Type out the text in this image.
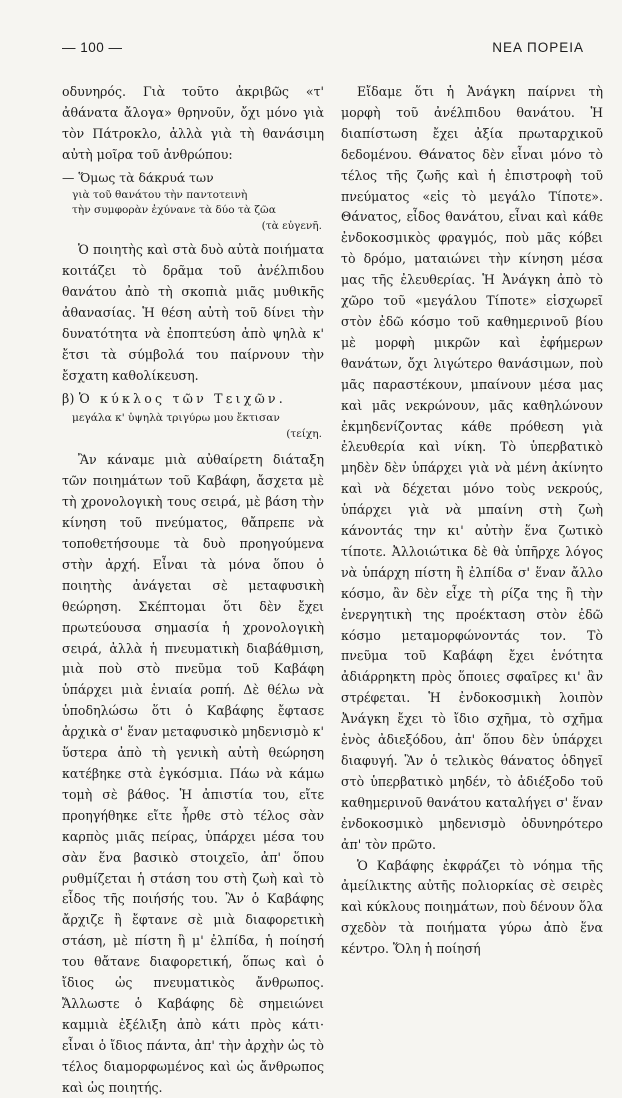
— 100 —	ΝΕΑ ΠΟΡΕΙΑ

οδυνηρός. Γιὰ τοῦτο ἀκριβῶς «τ' ἀθάνατα ἄλογα» θρηνοῦν, ὄχι μόνο γιὰ τὸν Πάτροκλο, ἀλλὰ γιὰ τὴ θανάσιμη αὐτὴ μοῖρα τοῦ ἀνθρώπου:

— Ὅμως τὰ δάκρυά των
γιὰ τοῦ θανάτου τὴν παντοτεινὴ
τὴν συμφορὰν ἐχύνανε τὰ δύο τὰ ζῶα
(τὰ εὐγενῆ.

Ὁ ποιητὴς καὶ στὰ δυὸ αὐτὰ ποιήματα κοιτάζει τὸ δρᾶμα τοῦ ἀνέλπιδου θανάτου ἀπὸ τὴ σκοπιὰ μιᾶς μυθικῆς ἀθανασίας. Ἡ θέση αὐτὴ τοῦ δίνει τὴν δυνατότητα νὰ ἐποπτεύση ἀπὸ ψηλὰ κ' ἔτσι τὰ σύμβολά του παίρνουν τὴν ἔσχατη καθολίκευση.

β) Ὁ κύκλος τῶν Τειχῶν.
μεγάλα κ' ὑψηλὰ τριγύρω μου ἔκτισαν
(τείχη.

Ἂν κάναμε μιὰ αὐθαίρετη διάταξη τῶν ποιημάτων τοῦ Καβάφη, ἄσχετα μὲ τὴ χρονολογικὴ τους σειρά, μὲ βάση τὴν κίνηση τοῦ πνεύματος, θἄπρεπε νὰ τοποθετήσουμε τὰ δυὸ προηγούμενα στὴν ἀρχή. Εἶναι τὰ μόνα ὅπου ὁ ποιητὴς ἀνάγεται σὲ μεταφυσικὴ θεώρηση. Σκέπτομαι ὅτι δὲν ἔχει πρωτεύουσα σημασία ἡ χρονολογικὴ σειρά, ἀλλὰ ἡ πνευματικὴ διαβάθμιση, μιὰ ποὺ στὸ πνεῦμα τοῦ Καβάφη ὑπάρχει μιὰ ἑνιαία ροπή. Δὲ θέλω νὰ ὑποδηλώσω ὅτι ὁ Καβάφης ἔφτασε ἀρχικὰ σ' ἕναν μεταφυσικὸ μηδενισμὸ κ' ὕστερα ἀπὸ τὴ γενικὴ αὐτὴ θεώρηση κατέβηκε στὰ ἐγκόσμια. Πάω νὰ κάμω τομὴ σὲ βάθος. Ἡ ἀπιστία του, εἴτε προηγήθηκε εἴτε ἦρθε στὸ τέλος σὰν καρπὸς μιᾶς πείρας, ὑπάρχει μέσα του σὰν ἕνα βασικὸ στοιχεῖο, ἀπ' ὅπου ρυθμίζεται ἡ στάση του στὴ ζωὴ καὶ τὸ εἶδος τῆς ποιήσής του. Ἂν ὁ Καβάφης ἄρχιζε ἢ ἔφτανε σὲ μιὰ διαφορετικὴ στάση, μὲ πίστη ἢ μ' ἐλπίδα, ἡ ποίησή του θἄτανε διαφορετική, ὅπως καὶ ὁ ἴδιος ὡς πνευματικὸς ἄνθρωπος. Ἄλλωστε ὁ Καβάφης δὲ σημειώνει καμμιὰ ἐξέλιξη ἀπὸ κάτι πρὸς κάτι· εἶναι ὁ ἴδιος πάντα, ἀπ' τὴν ἀρχὴν ὡς τὸ τέλος διαμορφωμένος καὶ ὡς ἄνθρωπος καὶ ὡς ποιητής.

Εἴδαμε ὅτι ἡ Ἀνάγκη παίρνει τὴ μορφὴ τοῦ ἀνέλπιδου θανάτου. Ἡ διαπίστωση ἔχει ἀξία πρωταρχικοῦ δεδομένου. Θάνατος δὲν εἶναι μόνο τὸ τέλος τῆς ζωῆς καὶ ἡ ἐπιστροφὴ τοῦ πνεύματος «εἰς τὸ μεγάλο Τίποτε». Θάνατος, εἶδος θανάτου, εἶναι καὶ κάθε ἐνδοκοσμικὸς φραγμός, ποὺ μᾶς κόβει τὸ δρόμο, ματαιώνει τὴν κίνηση μέσα μας τῆς ἐλευθερίας. Ἡ Ἀνάγκη ἀπὸ τὸ χῶρο τοῦ «μεγάλου Τίποτε» εἰσχωρεῖ στὸν ἐδῶ κόσμο τοῦ καθημερινοῦ βίου μὲ μορφὴ μικρῶν καὶ ἐφήμερων θανάτων, ὄχι λιγώτερο θανάσιμων, ποὺ μᾶς παραστέκουν, μπαίνουν μέσα μας καὶ μᾶς νεκρώνουν, μᾶς καθηλώνουν ἐκμηδενίζοντας κάθε πρόθεση γιὰ ἐλευθερία καὶ νίκη. Τὸ ὑπερβατικὸ μηδὲν δὲν ὑπάρχει γιὰ νὰ μένη ἀκίνητο καὶ νὰ δέχεται μόνο τοὺς νεκρούς, ὑπάρχει γιὰ νὰ μπαίνη στὴ ζωὴ κάνοντάς την κι' αὐτὴν ἕνα ζωτικὸ τίποτε. Ἀλλοιώτικα δὲ θὰ ὑπῆρχε λόγος νὰ ὑπάρχη πίστη ἢ ἐλπίδα σ' ἕναν ἄλλο κόσμο, ἂν δὲν εἶχε τὴ ρίζα της ἢ τὴν ἐνεργητικὴ της προέκταση στὸν ἐδῶ κόσμο μεταμορφώνοντάς τον. Τὸ πνεῦμα τοῦ Καβάφη ἔχει ἑνότητα ἀδιάρρηκτη πρὸς ὅποιες σφαῖρες κι' ἂν στρέφεται. Ἡ ἐνδοκοσμικὴ λοιπὸν Ἀνάγκη ἔχει τὸ ἴδιο σχῆμα, τὸ σχῆμα ἑνὸς ἀδιεξόδου, ἀπ' ὅπου δὲν ὑπάρχει διαφυγή. Ἂν ὁ τελικὸς θάνατος ὁδηγεῖ στὸ ὑπερβατικὸ μηδέν, τὸ ἀδιέξοδο τοῦ καθημερινοῦ θανάτου καταλήγει σ' ἕναν ἐνδοκοσμικὸ μηδενισμὸ ὀδυνηρότερο ἀπ' τὸν πρῶτο.

Ὁ Καβάφης ἐκφράζει τὸ νόημα τῆς ἀμείλικτης αὐτῆς πολιορκίας σὲ σειρὲς καὶ κύκλους ποιημάτων, ποὺ δένουν ὅλα σχεδὸν τὰ ποιήματα γύρω ἀπὸ ἕνα κέντρο. Ὅλη ἡ ποίησή
